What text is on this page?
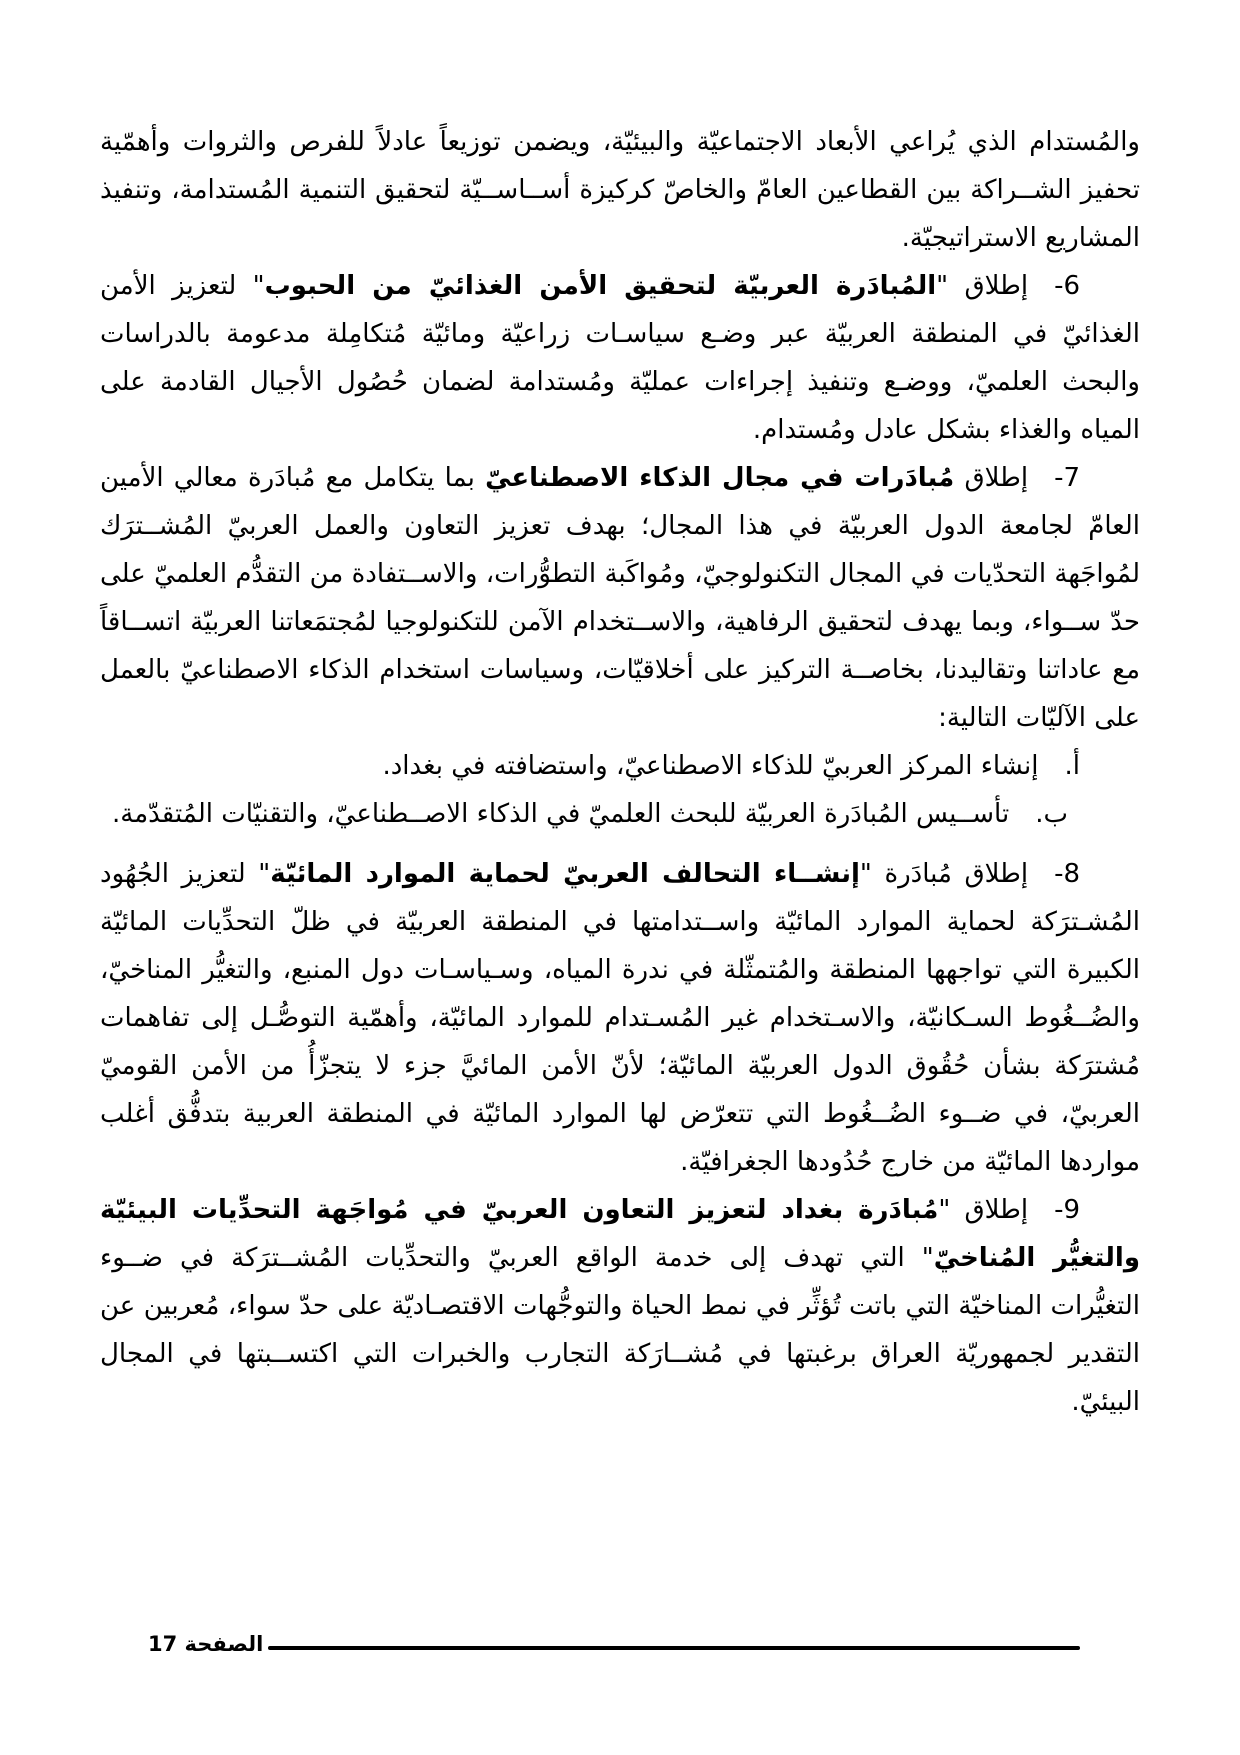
والمُستدام الذي يُراعي الأبعاد الاجتماعيّة والبيئيّة، ويضمن توزيعاً عادلاً للفرص والثروات وأهمّية تحفيز الشــراكة بين القطاعين العامّ والخاصّ كركيزة أســاســيّة لتحقيق التنمية المُستدامة، وتنفيذ المشاريع الاستراتيجيّة.

6-إطلاق "المُبادَرة العربيّة لتحقيق الأمن الغذائيّ من الحبوب" لتعزيز الأمن الغذائيّ في المنطقة العربيّة عبر وضـع سياسـات زراعيّة ومائيّة مُتكامِلة مدعومة بالدراسات والبحث العلميّ، ووضـع وتنفيذ إجراءات عمليّة ومُستدامة لضمان حُصُول الأجيال القادمة على المياه والغذاء بشكل عادل ومُستدام.

7-إطلاق مُبادَرات في مجال الذكاء الاصطناعيّ بما يتكامل مع مُبادَرة معالي الأمين العامّ لجامعة الدول العربيّة في هذا المجال؛ بهدف تعزيز التعاون والعمل العربيّ المُشــترَك لمُواجَهة التحدّيات في المجال التكنولوجيّ، ومُواكَبة التطوُّرات، والاســتفادة من التقدُّم العلميّ على حدّ ســواء، وبما يهدف لتحقيق الرفاهية، والاســتخدام الآمن للتكنولوجيا لمُجتمَعاتنا العربيّة اتســاقاً مع عاداتنا وتقاليدنا، بخاصــة التركيز على أخلاقيّات، وسياسات استخدام الذكاء الاصطناعيّ بالعمل على الآليّات التالية:

أ.إنشاء المركز العربيّ للذكاء الاصطناعيّ، واستضافته في بغداد.

ب.تأســيس المُبادَرة العربيّة للبحث العلميّ في الذكاء الاصــطناعيّ، والتقنيّات المُتقدّمة.

8-إطلاق مُبادَرة "إنشــاء التحالف العربيّ لحماية الموارد المائيّة" لتعزيز الجُهُود المُشـترَكة لحماية الموارد المائيّة واســتدامتها في المنطقة العربيّة في ظلّ التحدِّيات المائيّة الكبيرة التي تواجهها المنطقة والمُتمثّلة في ندرة المياه، وسـياسـات دول المنبع، والتغيُّر المناخيّ، والضُــغُوط السـكانيّة، والاسـتخدام غير المُسـتدام للموارد المائيّة، وأهمّية التوصُّـل إلى تفاهمات مُشترَكة بشأن حُقُوق الدول العربيّة المائيّة؛ لأنّ الأمن المائيَّ جزء لا يتجزّأُ من الأمن القوميّ العربيّ، في ضــوء الضُــغُوط التي تتعرّض لها الموارد المائيّة في المنطقة العربية بتدفُّق أغلب مواردها المائيّة من خارج حُدُودها الجغرافيّة.

9-إطلاق "مُبادَرة بغداد لتعزيز التعاون العربيّ في مُواجَهة التحدِّيات البيئيّة والتغيُّر المُناخيّ" التي تهدف إلى خدمة الواقع العربيّ والتحدِّيات المُشــترَكة في ضــوء التغيُّرات المناخيّة التي باتت تُؤثِّر في نمط الحياة والتوجُّهات الاقتصـاديّة على حدّ سواء، مُعربين عن التقدير لجمهوريّة العراق برغبتها في مُشــارَكة التجارب والخبرات التي اكتســبتها في المجال البيئيّ.

الصفحة 17
